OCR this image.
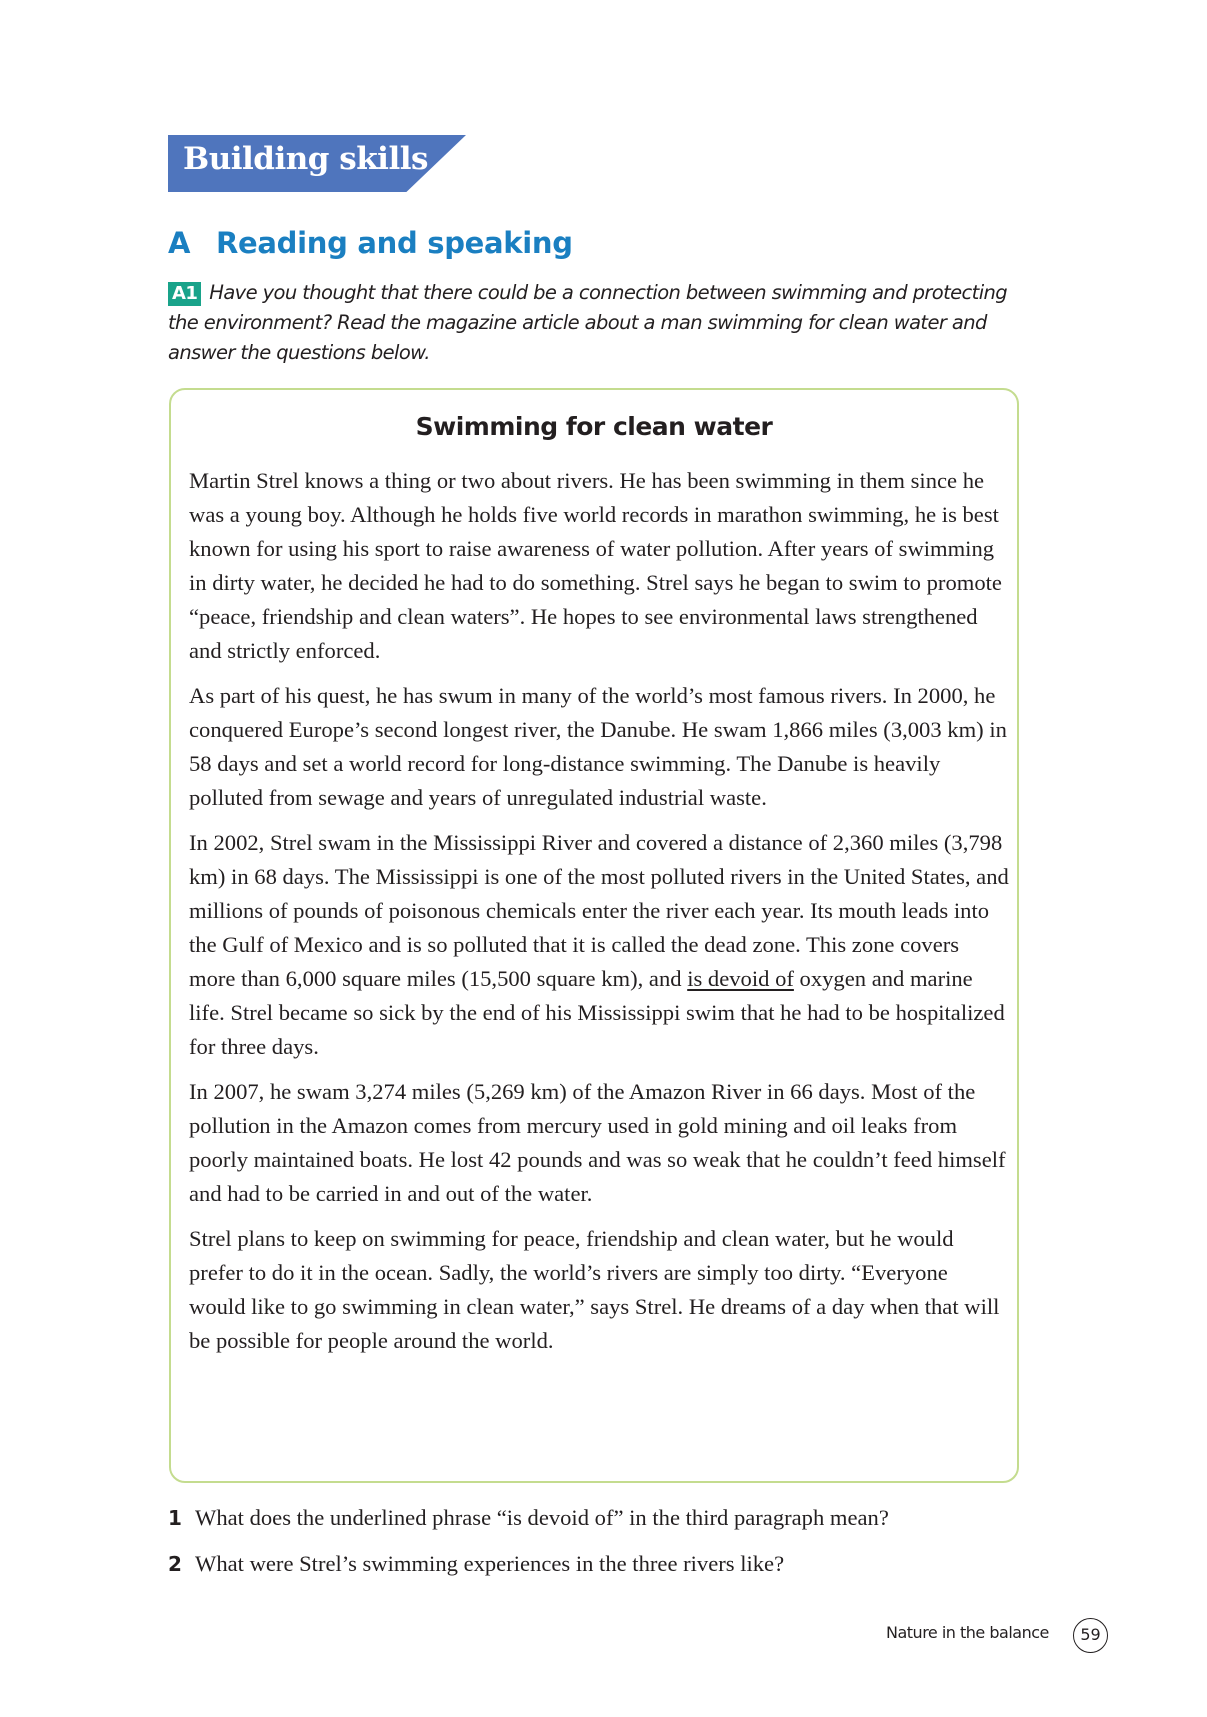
Building skills
A Reading and speaking
A1 Have you thought that there could be a connection between swimming and protecting the environment? Read the magazine article about a man swimming for clean water and answer the questions below.
Swimming for clean water

Martin Strel knows a thing or two about rivers. He has been swimming in them since he was a young boy. Although he holds five world records in marathon swimming, he is best known for using his sport to raise awareness of water pollution. After years of swimming in dirty water, he decided he had to do something. Strel says he began to swim to promote “peace, friendship and clean waters”. He hopes to see environmental laws strengthened and strictly enforced.

As part of his quest, he has swum in many of the world’s most famous rivers. In 2000, he conquered Europe’s second longest river, the Danube. He swam 1,866 miles (3,003 km) in 58 days and set a world record for long-distance swimming. The Danube is heavily polluted from sewage and years of unregulated industrial waste.

In 2002, Strel swam in the Mississippi River and covered a distance of 2,360 miles (3,798 km) in 68 days. The Mississippi is one of the most polluted rivers in the United States, and millions of pounds of poisonous chemicals enter the river each year. Its mouth leads into the Gulf of Mexico and is so polluted that it is called the dead zone. This zone covers more than 6,000 square miles (15,500 square km), and is devoid of oxygen and marine life. Strel became so sick by the end of his Mississippi swim that he had to be hospitalized for three days.

In 2007, he swam 3,274 miles (5,269 km) of the Amazon River in 66 days. Most of the pollution in the Amazon comes from mercury used in gold mining and oil leaks from poorly maintained boats. He lost 42 pounds and was so weak that he couldn’t feed himself and had to be carried in and out of the water.

Strel plans to keep on swimming for peace, friendship and clean water, but he would prefer to do it in the ocean. Sadly, the world’s rivers are simply too dirty. “Everyone would like to go swimming in clean water,” says Strel. He dreams of a day when that will be possible for people around the world.

1 What does the underlined phrase “is devoid of” in the third paragraph mean?
2 What were Strel’s swimming experiences in the three rivers like?
Nature in the balance	59
